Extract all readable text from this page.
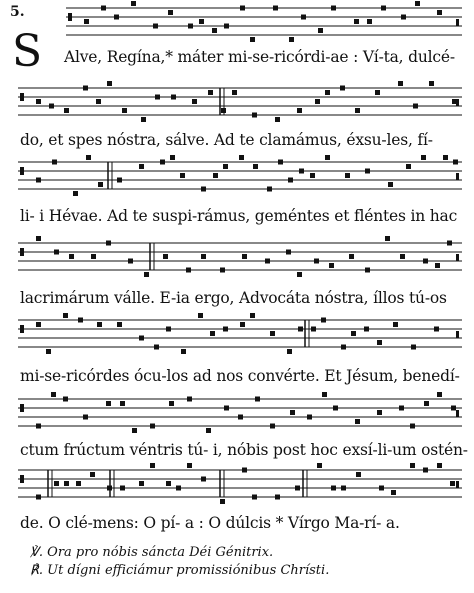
5.
S Alve, Regína,* máter mi-se-ricórdi-ae : Ví-ta, dulcé-
do, et spes nóstra, sálve. Ad te clamámus, éxsu-les, fí-
li- i Hévae. Ad te suspi-rámus, geméntes et fléntes in hac
lacrimárum válle. E-ia ergo, Advocáta nóstra, íllos tú-os
mi-se-ricórdes ócu-los ad nos convérte. Et Jésum, benedí-
ctum frúctum véntris tú- i, nóbis post hoc exsí-li-um ostén-
de. O clé-mens: O pí- a : O dúlcis * Vírgo Ma-rí- a.
℣. Ora pro nóbis sáncta Déi Génitrix.
℟. Ut dígni efficiámur promissiónibus Chrísti.
